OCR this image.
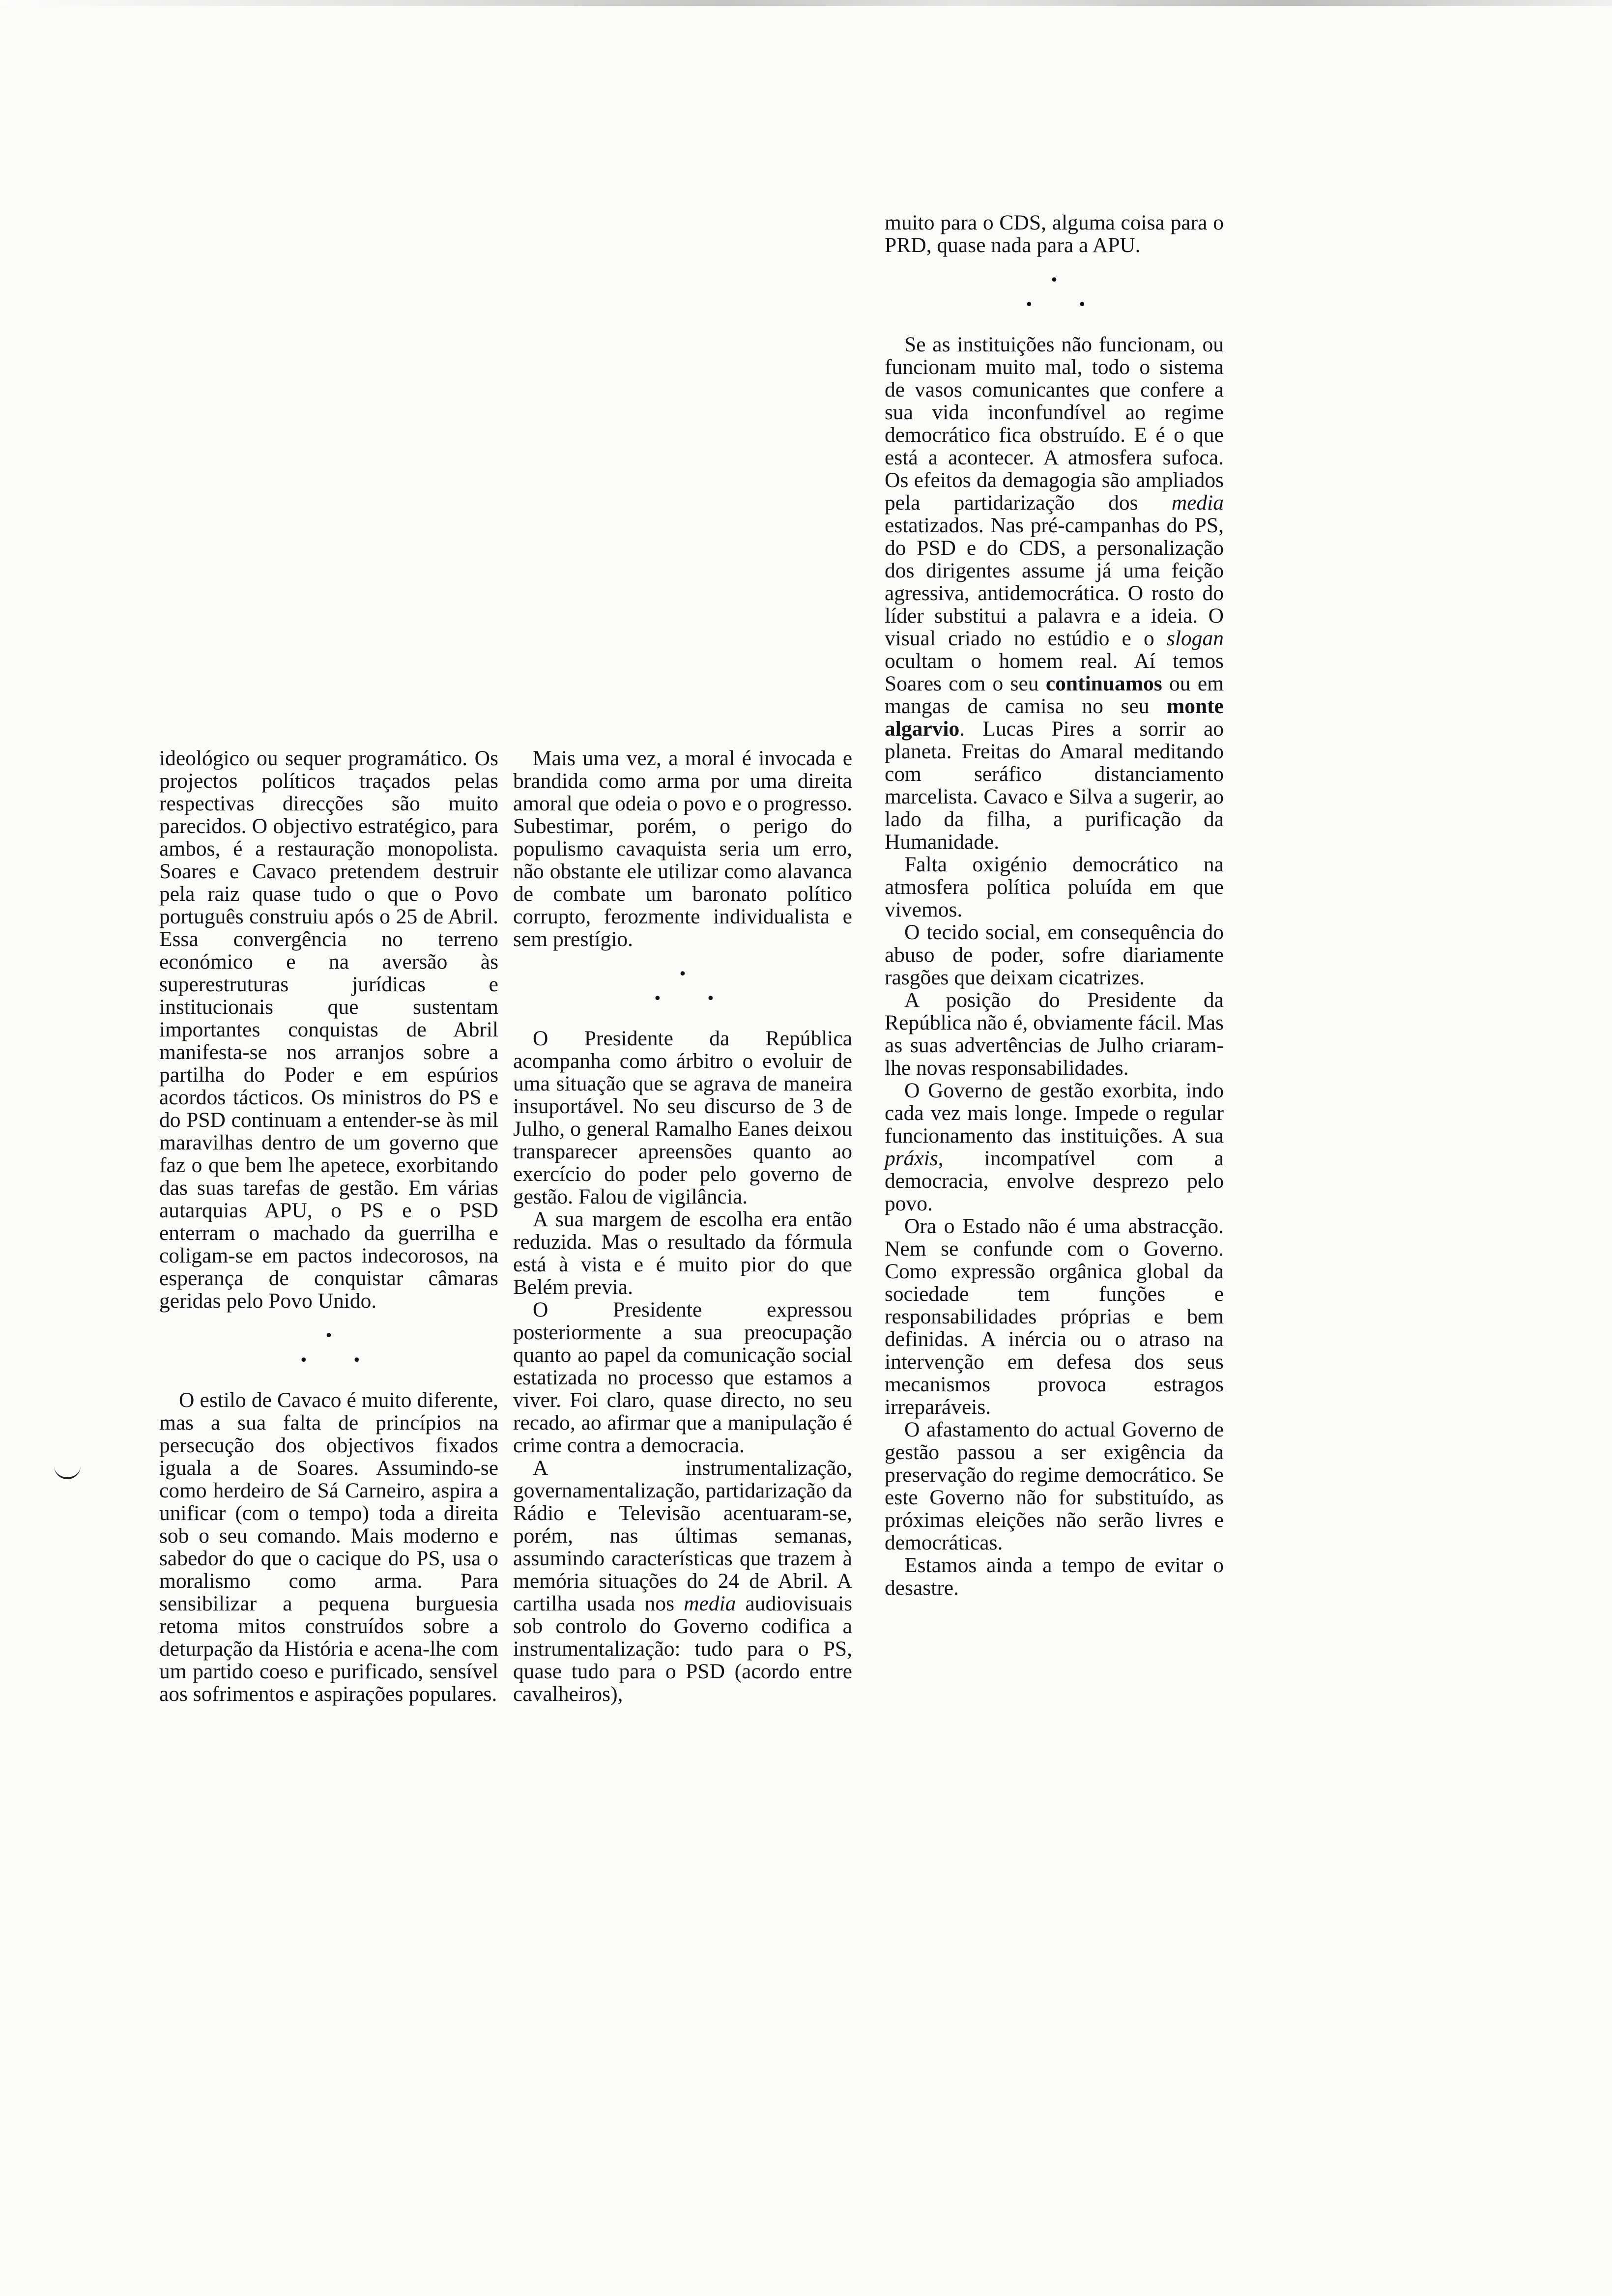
ideológico ou sequer programático. Os projectos políticos traçados pelas respectivas direcções são muito parecidos. O objectivo estratégico, para ambos, é a restauração monopolista. Soares e Cavaco pretendem destruir pela raiz quase tudo o que o Povo português construiu após o 25 de Abril. Essa convergência no terreno económico e na aversão às superestruturas jurídicas e institucionais que sustentam importantes conquistas de Abril manifesta-se nos arranjos sobre a partilha do Poder e em espúrios acordos tácticos. Os ministros do PS e do PSD continuam a entender-se às mil maravilhas dentro de um governo que faz o que bem lhe apetece, exorbitando das suas tarefas de gestão. Em várias autarquias APU, o PS e o PSD enterram o machado da guerrilha e coligam-se em pactos indecorosos, na esperança de conquistar câmaras geridas pelo Povo Unido.

•
•	•

O estilo de Cavaco é muito diferente, mas a sua falta de princípios na persecução dos objectivos fixados iguala a de Soares. Assumindo-se como herdeiro de Sá Carneiro, aspira a unificar (com o tempo) toda a direita sob o seu comando. Mais moderno e sabedor do que o cacique do PS, usa o moralismo como arma. Para sensibilizar a pequena burguesia retoma mitos construídos sobre a deturpação da História e acena-lhe com um partido coeso e purificado, sensível aos sofrimentos e aspirações populares.

Mais uma vez, a moral é invocada e brandida como arma por uma direita amoral que odeia o povo e o progresso. Subestimar, porém, o perigo do populismo cavaquista seria um erro, não obstante ele utilizar como alavanca de combate um baronato político corrupto, ferozmente individualista e sem prestígio.

•
•	•

O Presidente da República acompanha como árbitro o evoluir de uma situação que se agrava de maneira insuportável. No seu discurso de 3 de Julho, o general Ramalho Eanes deixou transparecer apreensões quanto ao exercício do poder pelo governo de gestão. Falou de vigilância.

A sua margem de escolha era então reduzida. Mas o resultado da fórmula está à vista e é muito pior do que Belém previa.

O Presidente expressou posteriormente a sua preocupação quanto ao papel da comunicação social estatizada no processo que estamos a viver. Foi claro, quase directo, no seu recado, ao afirmar que a manipulação é crime contra a democracia.

A instrumentalização, governamentalização, partidarização da Rádio e Televisão acentuaram-se, porém, nas últimas semanas, assumindo características que trazem à memória situações do 24 de Abril. A cartilha usada nos media audiovisuais sob controlo do Governo codifica a instrumentalização: tudo para o PS, quase tudo para o PSD (acordo entre cavalheiros),

muito para o CDS, alguma coisa para o PRD, quase nada para a APU.

•
•	•

Se as instituições não funcionam, ou funcionam muito mal, todo o sistema de vasos comunicantes que confere a sua vida inconfundível ao regime democrático fica obstruído. E é o que está a acontecer. A atmosfera sufoca. Os efeitos da demagogia são ampliados pela partidarização dos media estatizados. Nas pré-campanhas do PS, do PSD e do CDS, a personalização dos dirigentes assume já uma feição agressiva, antidemocrática. O rosto do líder substitui a palavra e a ideia. O visual criado no estúdio e o slogan ocultam o homem real. Aí temos Soares com o seu continuamos ou em mangas de camisa no seu monte algarvio. Lucas Pires a sorrir ao planeta. Freitas do Amaral meditando com seráfico distanciamento marcelista. Cavaco e Silva a sugerir, ao lado da filha, a purificação da Humanidade.

Falta oxigénio democrático na atmosfera política poluída em que vivemos.

O tecido social, em consequência do abuso de poder, sofre diariamente rasgões que deixam cicatrizes.

A posição do Presidente da República não é, obviamente fácil. Mas as suas advertências de Julho criaram-lhe novas responsabilidades.

O Governo de gestão exorbita, indo cada vez mais longe. Impede o regular funcionamento das instituições. A sua práxis, incompatível com a democracia, envolve desprezo pelo povo.

Ora o Estado não é uma abstracção. Nem se confunde com o Governo. Como expressão orgânica global da sociedade tem funções e responsabilidades próprias e bem definidas. A inércia ou o atraso na intervenção em defesa dos seus mecanismos provoca estragos irreparáveis.

O afastamento do actual Governo de gestão passou a ser exigência da preservação do regime democrático. Se este Governo não for substituído, as próximas eleições não serão livres e democráticas.

Estamos ainda a tempo de evitar o desastre.
